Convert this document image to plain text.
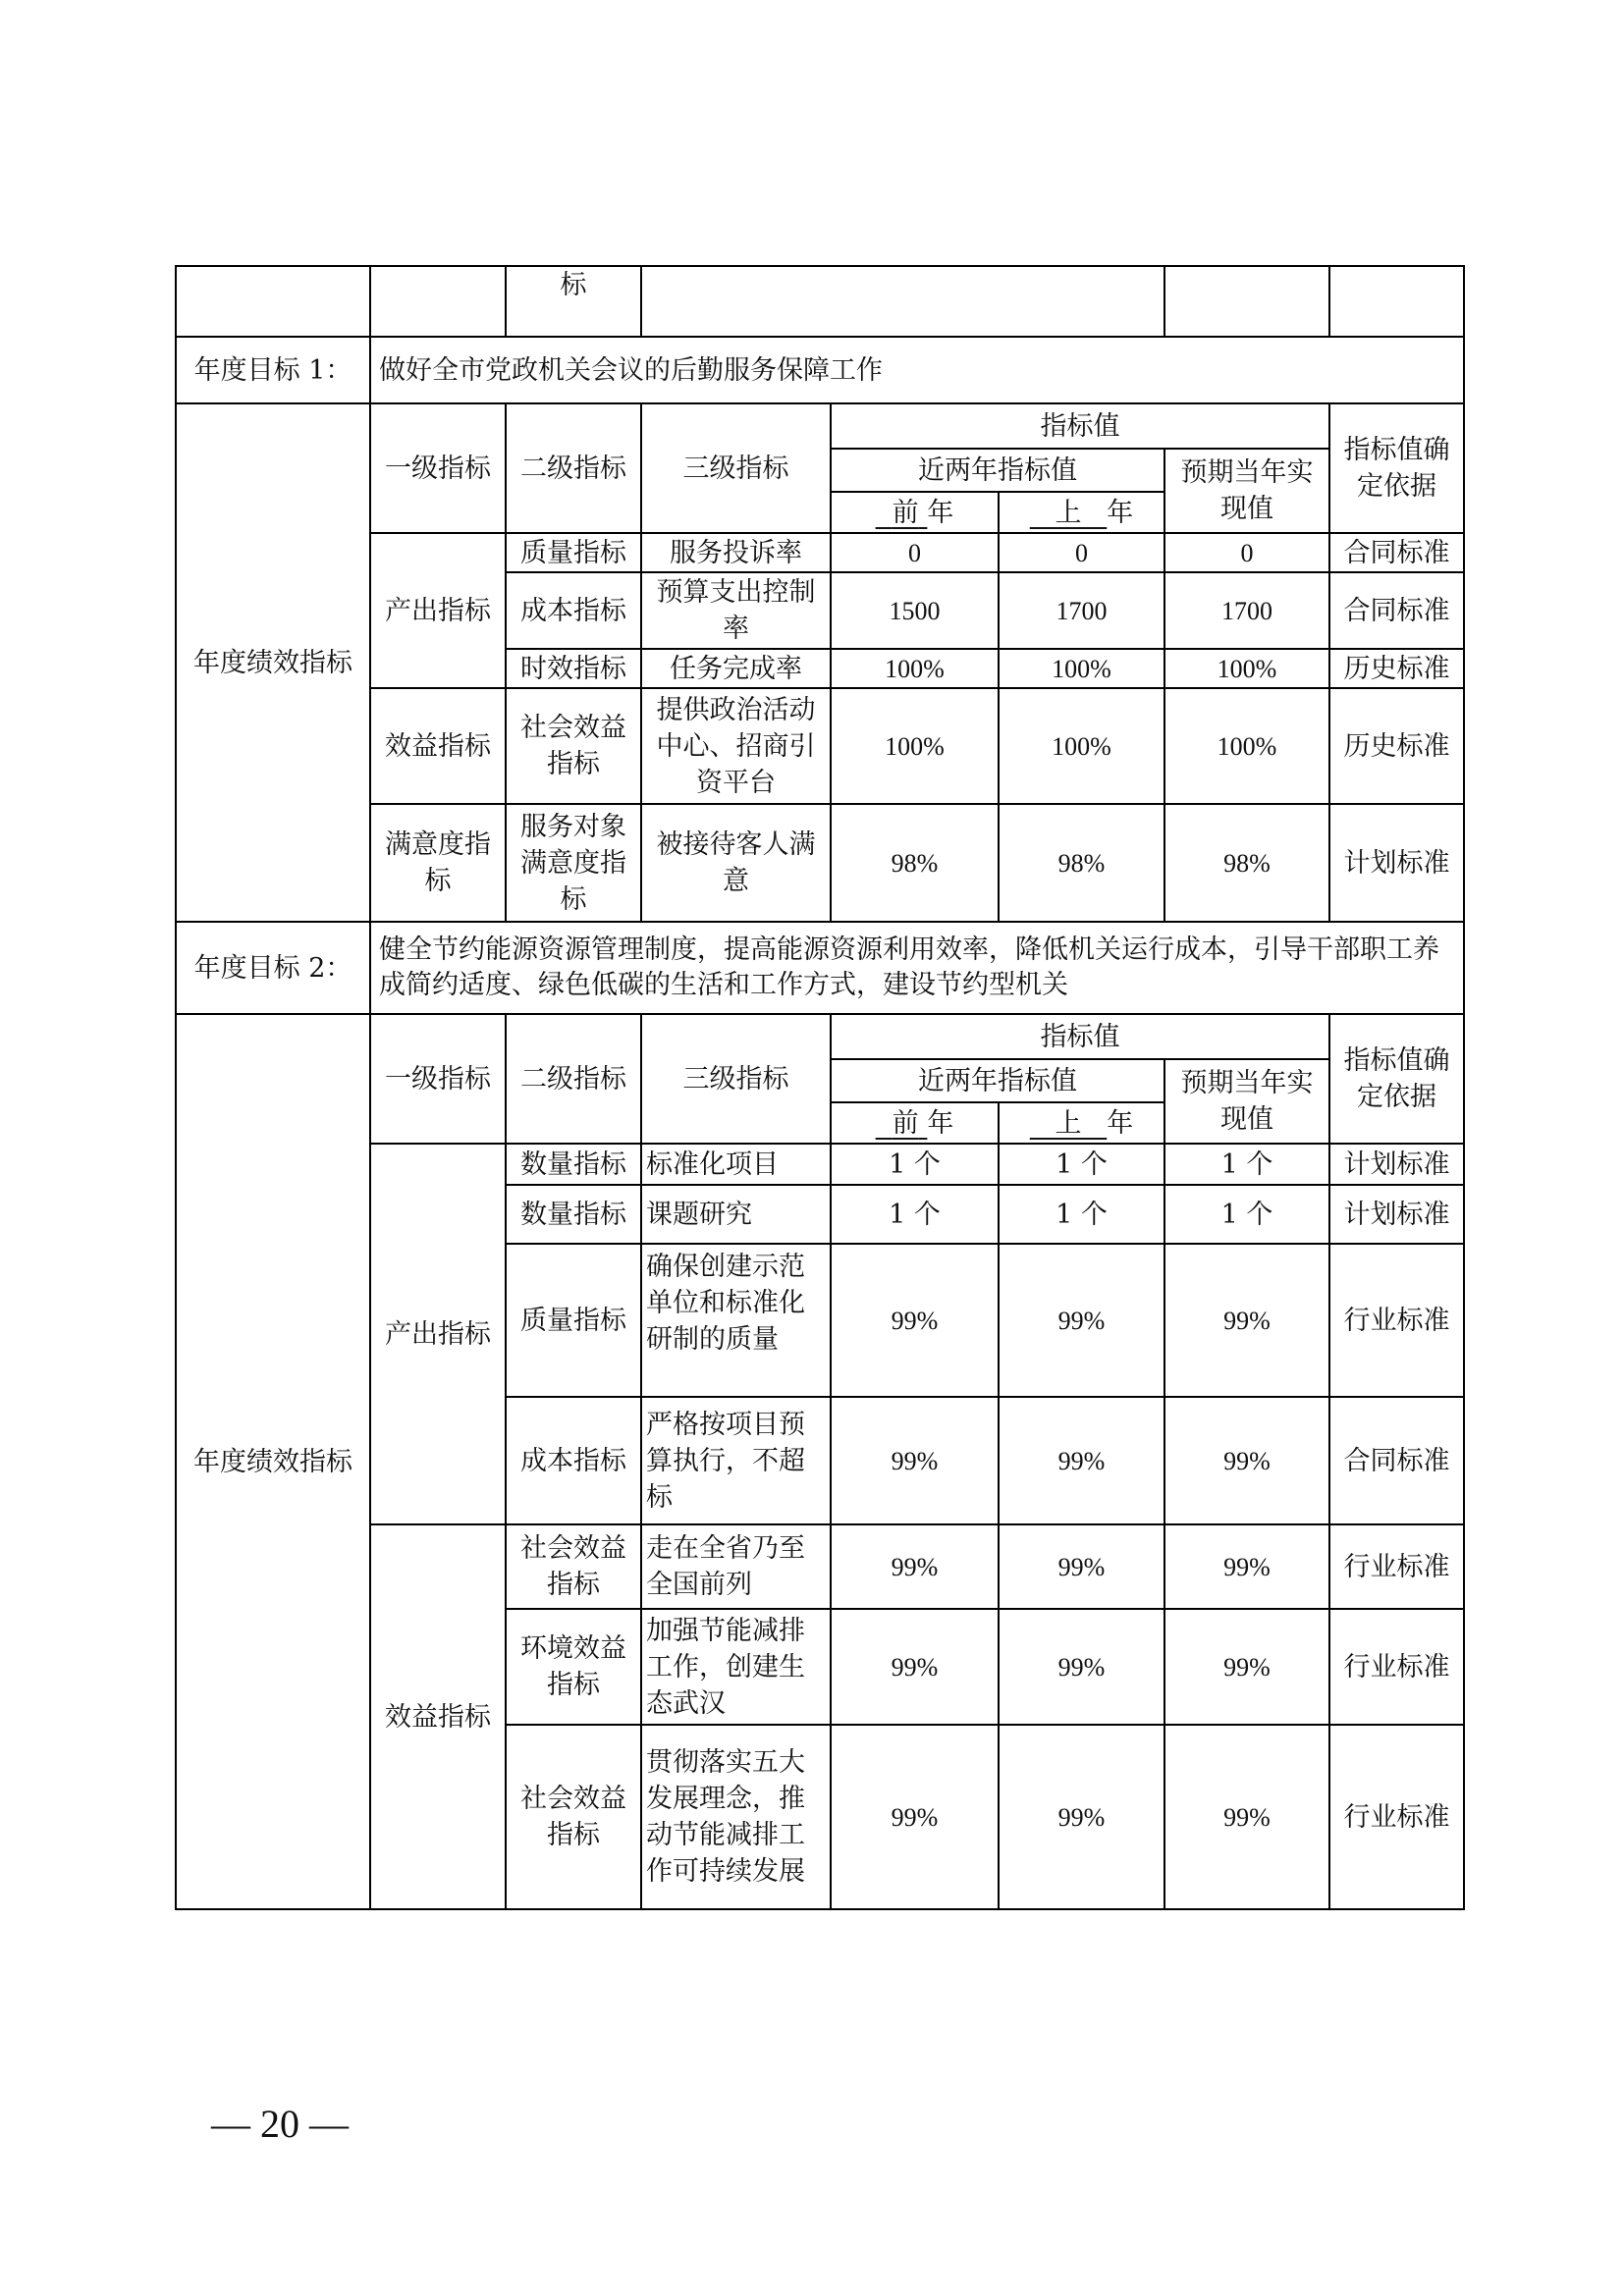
		标					
年度目标 1：	做好全市党政机关会议的后勤服务保障工作						
年度绩效指标	一级指标	二级指标	三级指标	指标值			指标值确定依据
				近两年指标值		预期当年实现值	
				前 年	上 年		
	产出指标	质量指标	服务投诉率	0	0	0	合同标准
		成本指标	预算支出控制率	1500	1700	1700	合同标准
		时效指标	任务完成率	100%	100%	100%	历史标准
	效益指标	社会效益指标	提供政治活动中心、招商引资平台	100%	100%	100%	历史标准
	满意度指标	服务对象满意度指标	被接待客人满意	98%	98%	98%	计划标准
年度目标 2：	健全节约能源资源管理制度，提高能源资源利用效率，降低机关运行成本，引导干部职工养成简约适度、绿色低碳的生活和工作方式，建设节约型机关						
年度绩效指标	一级指标	二级指标	三级指标	指标值			指标值确定依据
				近两年指标值		预期当年实现值	
				前 年	上 年		
	产出指标	数量指标	标准化项目	1 个	1 个	1 个	计划标准
		数量指标	课题研究	1 个	1 个	1 个	计划标准
		质量指标	确保创建示范单位和标准化研制的质量	99%	99%	99%	行业标准
		成本指标	严格按项目预算执行，不超标	99%	99%	99%	合同标准
	效益指标	社会效益指标	走在全省乃至全国前列	99%	99%	99%	行业标准
		环境效益指标	加强节能减排工作，创建生态武汉	99%	99%	99%	行业标准
		社会效益指标	贯彻落实五大发展理念，推动节能减排工作可持续发展	99%	99%	99%	行业标准
— 20 —
